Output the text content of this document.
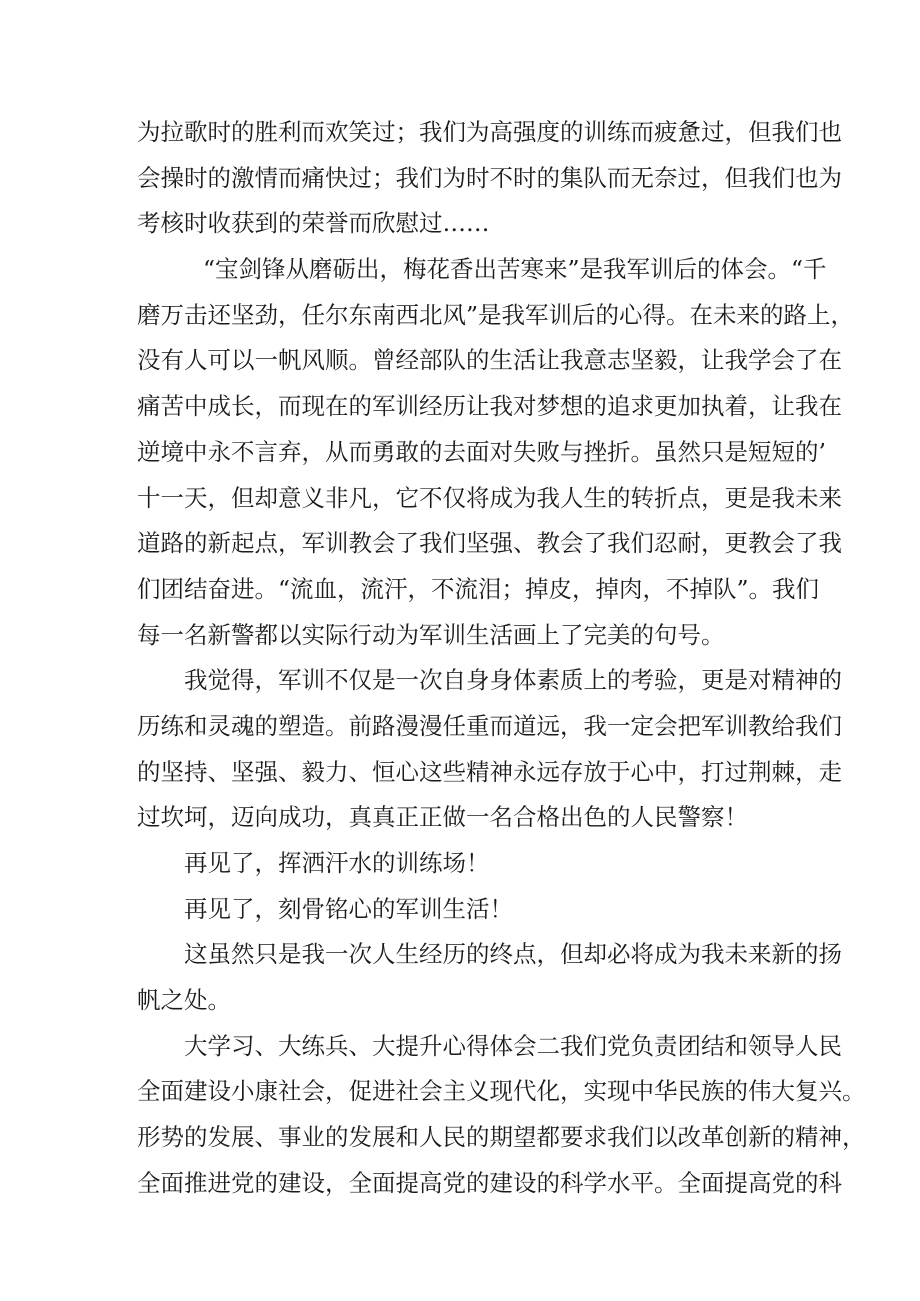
为拉歌时的胜利而欢笑过；我们为高强度的训练而疲惫过，但我们也
会操时的激情而痛快过；我们为时不时的集队而无奈过，但我们也为
考核时收获到的荣誉而欣慰过……
“宝剑锋从磨砺出，梅花香出苦寒来”是我军训后的体会。“千
磨万击还坚劲，任尔东南西北风”是我军训后的心得。在未来的路上，
没有人可以一帆风顺。曾经部队的生活让我意志坚毅，让我学会了在
痛苦中成长，而现在的军训经历让我对梦想的追求更加执着，让我在
逆境中永不言弃，从而勇敢的去面对失败与挫折。虽然只是短短的’
十一天，但却意义非凡，它不仅将成为我人生的转折点，更是我未来
道路的新起点，军训教会了我们坚强、教会了我们忍耐，更教会了我
们团结奋进。“流血，流汗，不流泪；掉皮，掉肉，不掉队”。我们
每一名新警都以实际行动为军训生活画上了完美的句号。
我觉得，军训不仅是一次自身身体素质上的考验，更是对精神的
历练和灵魂的塑造。前路漫漫任重而道远，我一定会把军训教给我们
的坚持、坚强、毅力、恒心这些精神永远存放于心中，打过荆棘，走
过坎坷，迈向成功，真真正正做一名合格出色的人民警察！
再见了，挥洒汗水的训练场！
再见了，刻骨铭心的军训生活！
这虽然只是我一次人生经历的终点，但却必将成为我未来新的扬
帆之处。
大学习、大练兵、大提升心得体会二我们党负责团结和领导人民
全面建设小康社会，促进社会主义现代化，实现中华民族的伟大复兴。
形势的发展、事业的发展和人民的期望都要求我们以改革创新的精神，
全面推进党的建设，全面提高党的建设的科学水平。全面提高党的科
